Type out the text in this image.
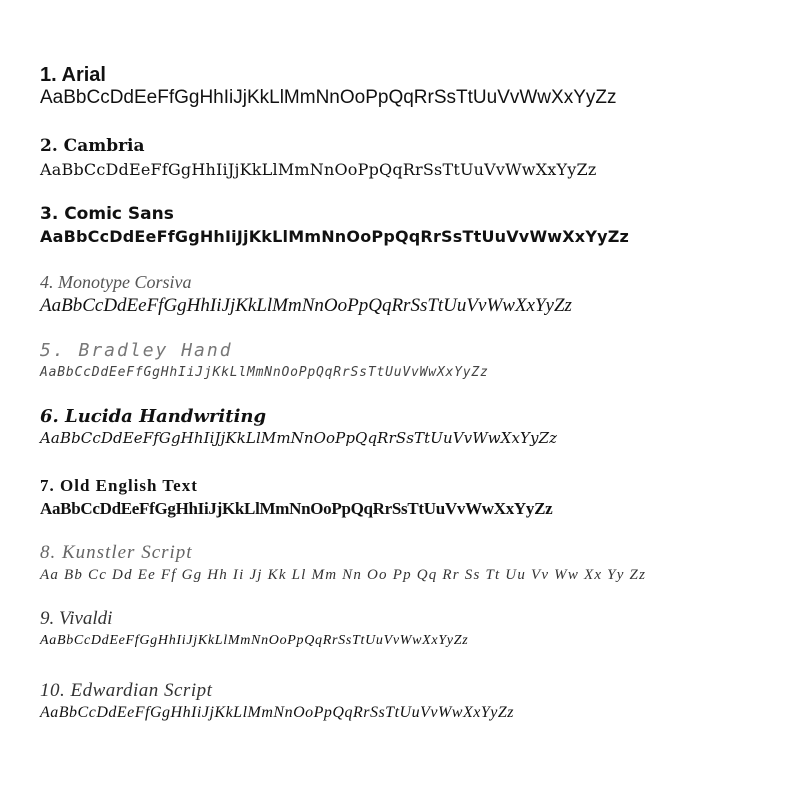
1. Arial
AaBbCcDdEeFfGgHhIiJjKkLlMmNnOoPpQqRrSsTtUuVvWwXxYyZz
2. Cambria
AaBbCcDdEeFfGgHhIiJjKkLlMmNnOoPpQqRrSsTtUuVvWwXxYyZz
3. Comic Sans
AaBbCcDdEeFfGgHhIiJjKkLlMmNnOoPpQqRrSsTtUuVvWwXxYyZz
4. Monotype Corsiva
AaBbCcDdEeFfGgHhIiJjKkLlMmNnOoPpQqRrSsTtUuVvWwXxYyZz
5. Bradley Hand
AaBbCcDdEeFfGgHhIiJjKkLlMmNnOoPpQqRrSsTtUuVvWwXxYyZz
6. Lucida Handwriting
AaBbCcDdEeFfGgHhIiJjKkLlMmNnOoPpQqRrSsTtUuVvWwXxYyZz
7. Old English Text
AaBbCcDdEeFfGgHhIiJjKkLlMmNnOoPpQqRrSsTtUuVvWwXxYyZz
8. Kunstler Script
Aa Bb Cc Dd Ee Ff Gg Hh Ii Jj Kk Ll Mm Nn Oo Pp Qq Rr Ss Tt Uu Vv Ww Xx Yy Zz
9. Vivaldi
AaBbCcDdEeFfGgHhIiJjKkLlMmNnOoPpQqRrSsTtUuVvWwXxYyZz
10. Edwardian Script
AaBbCcDdEeFfGgHhIiJjKkLlMmNnOoPpQqRrSsTtUuVvWwXxYyZz
